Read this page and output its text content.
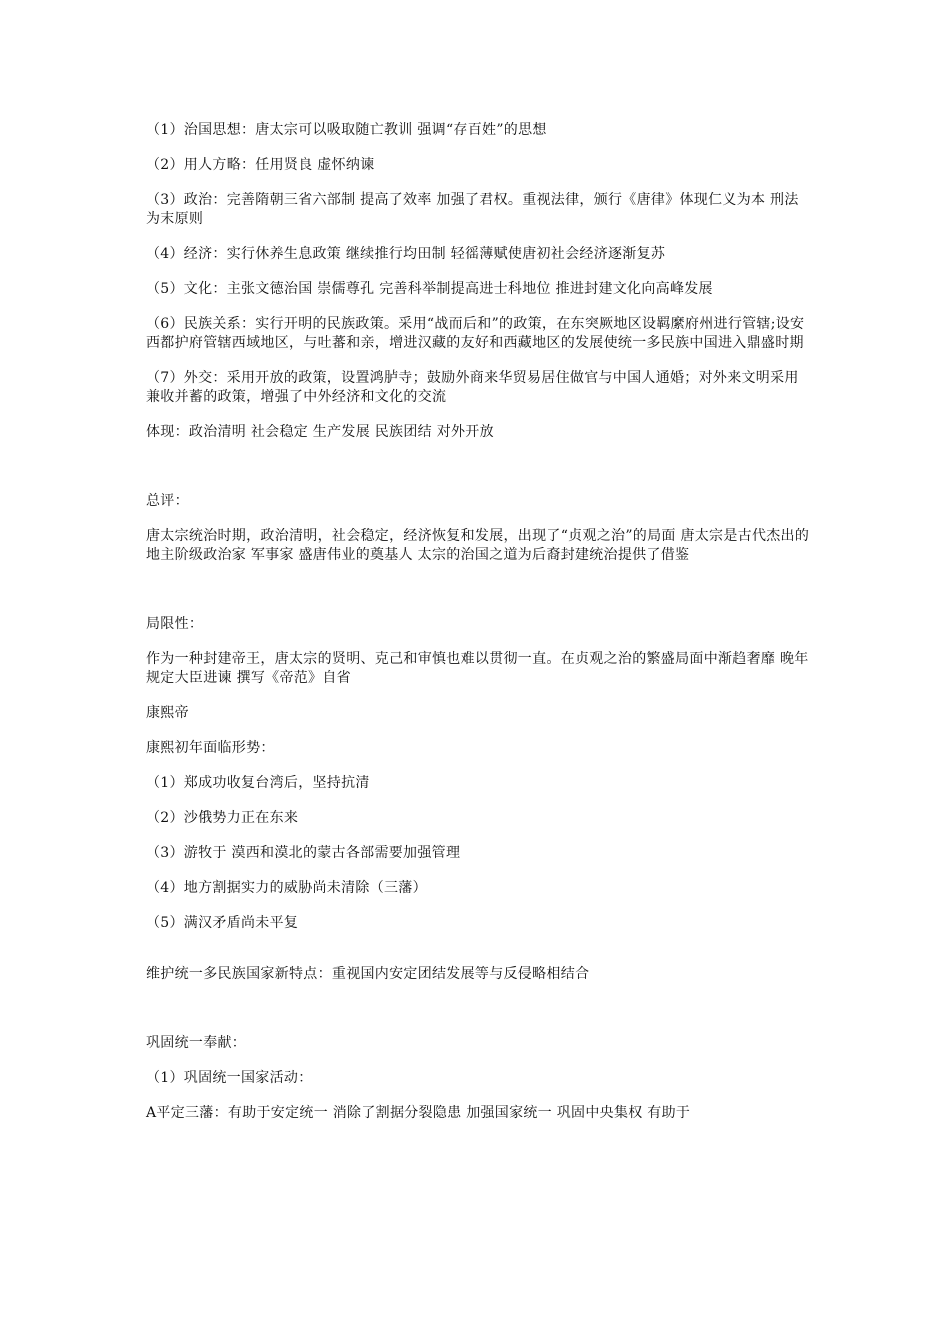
（1）治国思想：唐太宗可以吸取随亡教训 强调“存百姓”的思想

（2）用人方略：任用贤良 虚怀纳谏

（3）政治：完善隋朝三省六部制 提高了效率 加强了君权。重视法律，颁行《唐律》体现仁义为本 刑法为末原则

（4）经济：实行休养生息政策 继续推行均田制 轻徭薄赋使唐初社会经济逐渐复苏

（5）文化：主张文德治国 崇儒尊孔 完善科举制提高进士科地位 推进封建文化向高峰发展

（6）民族关系：实行开明的民族政策。采用“战而后和”的政策，在东突厥地区设羁縻府州进行管辖;设安西都护府管辖西域地区，与吐蕃和亲，增进汉藏的友好和西藏地区的发展使统一多民族中国进入鼎盛时期

（7）外交：采用开放的政策，设置鸿胪寺；鼓励外商来华贸易居住做官与中国人通婚；对外来文明采用兼收并蓄的政策，增强了中外经济和文化的交流

体现：政治清明 社会稳定 生产发展 民族团结 对外开放

总评：

唐太宗统治时期，政治清明，社会稳定，经济恢复和发展，出现了“贞观之治”的局面 唐太宗是古代杰出的地主阶级政治家 军事家 盛唐伟业的奠基人 太宗的治国之道为后裔封建统治提供了借鉴

局限性：

作为一种封建帝王，唐太宗的贤明、克己和审慎也难以贯彻一直。在贞观之治的繁盛局面中渐趋奢靡 晚年规定大臣进谏 撰写《帝范》自省

康熙帝

康熙初年面临形势：

（1）郑成功收复台湾后，坚持抗清

（2）沙俄势力正在东来

（3）游牧于 漠西和漠北的蒙古各部需要加强管理

（4）地方割据实力的威胁尚未清除（三藩）

（5）满汉矛盾尚未平复

维护统一多民族国家新特点：重视国内安定团结发展等与反侵略相结合

巩固统一奉献：

（1）巩固统一国家活动：

A平定三藩：有助于安定统一 消除了割据分裂隐患 加强国家统一 巩固中央集权 有助于
